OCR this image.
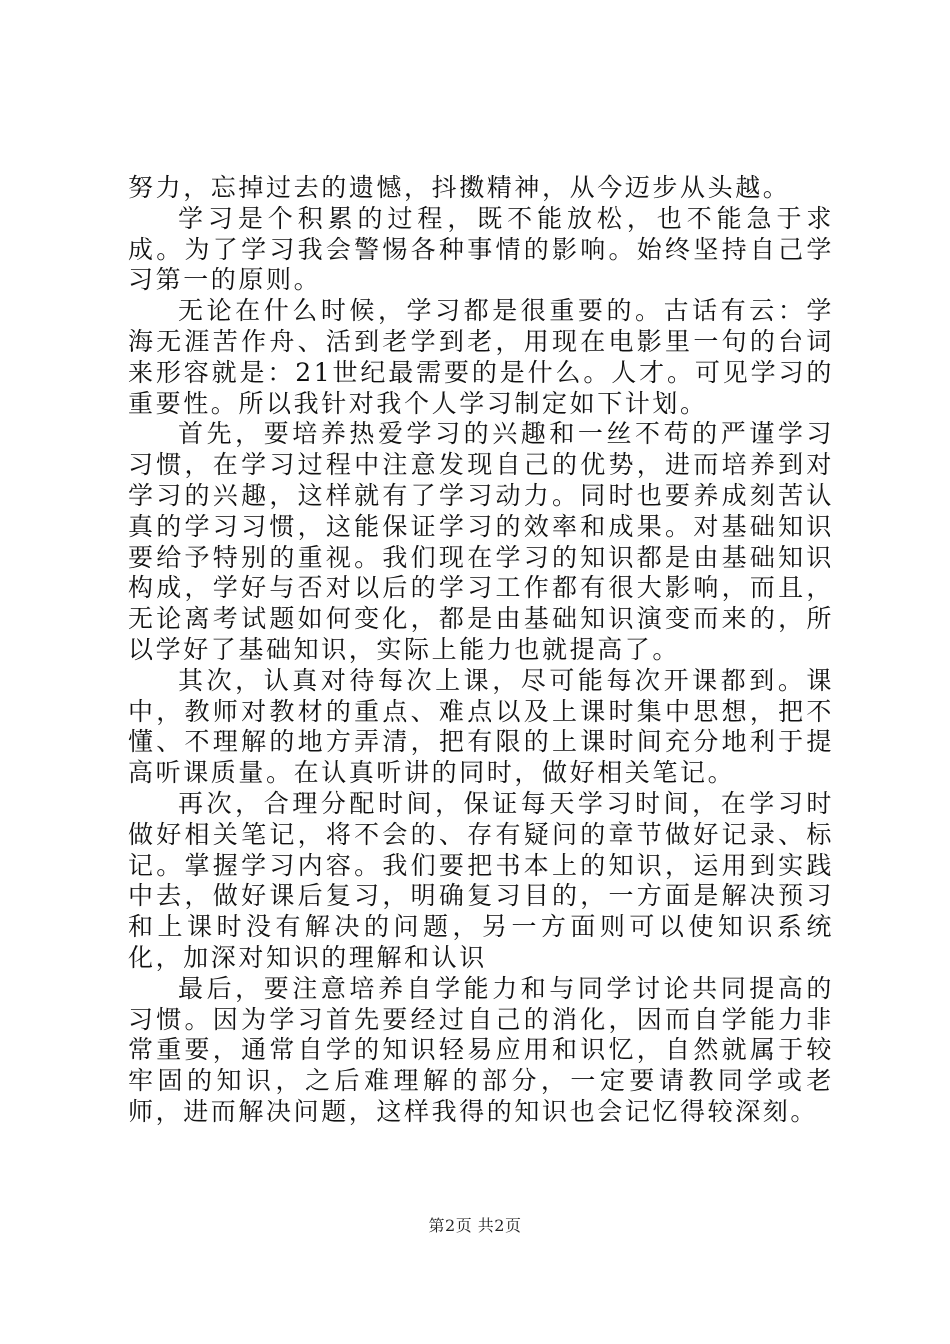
努力，忘掉过去的遗憾，抖擞精神，从今迈步从头越。

学习是个积累的过程，既不能放松，也不能急于求成。为了学习我会警惕各种事情的影响。始终坚持自己学习第一的原则。

无论在什么时候，学习都是很重要的。古话有云：学海无涯苦作舟、活到老学到老，用现在电影里一句的台词来形容就是：21世纪最需要的是什么。人才。可见学习的重要性。所以我针对我个人学习制定如下计划。

首先，要培养热爱学习的兴趣和一丝不苟的严谨学习习惯，在学习过程中注意发现自己的优势，进而培养到对学习的兴趣，这样就有了学习动力。同时也要养成刻苦认真的学习习惯，这能保证学习的效率和成果。对基础知识要给予特别的重视。我们现在学习的知识都是由基础知识构成，学好与否对以后的学习工作都有很大影响，而且，无论离考试题如何变化，都是由基础知识演变而来的，所以学好了基础知识，实际上能力也就提高了。

其次，认真对待每次上课，尽可能每次开课都到。课中，教师对教材的重点、难点以及上课时集中思想，把不懂、不理解的地方弄清，把有限的上课时间充分地利于提高听课质量。在认真听讲的同时，做好相关笔记。

再次，合理分配时间，保证每天学习时间，在学习时做好相关笔记，将不会的、存有疑问的章节做好记录、标记。掌握学习内容。我们要把书本上的知识，运用到实践中去，做好课后复习，明确复习目的，一方面是解决预习和上课时没有解决的问题，另一方面则可以使知识系统化，加深对知识的理解和认识

最后，要注意培养自学能力和与同学讨论共同提高的习惯。因为学习首先要经过自己的消化，因而自学能力非常重要，通常自学的知识轻易应用和识忆，自然就属于较牢固的知识，之后难理解的部分，一定要请教同学或老师，进而解决问题，这样我得的知识也会记忆得较深刻。

第2页 共2页
